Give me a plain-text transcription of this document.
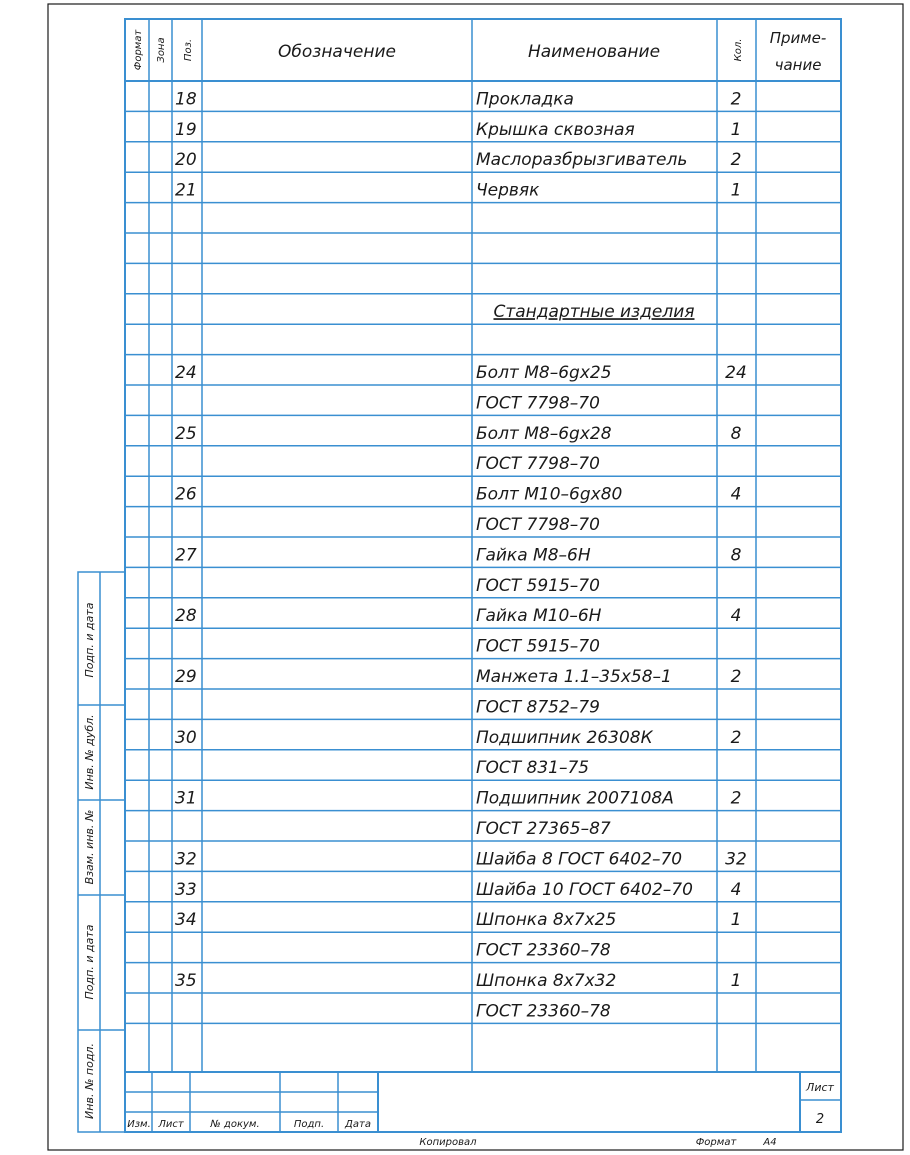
Формат Зона Поз.	Обозначение	Наименование	Кол.
Приме-
чание
18	Прокладка	2
19	Крышка сквозная	1
20	Маслоразбрызгиватель	2
21	Червяк	1
Стандартные изделия
24	Болт М8–6gх25	24
ГОСТ 7798–70
25	Болт М8–6gх28	8
ГОСТ 7798–70
26	Болт М10–6gх80	4
ГОСТ 7798–70
27	Гайка М8–6Н	8
ГОСТ 5915–70
28	Гайка М10–6Н	4
ГОСТ 5915–70
29	Манжета 1.1–35х58–1	2
ГОСТ 8752–79
30	Подшипник 26308К	2
ГОСТ 831–75
31	Подшипник 2007108А	2
ГОСТ 27365–87
32	Шайба 8 ГОСТ 6402–70	32
33	Шайба 10 ГОСТ 6402–70 4
34	Шпонка 8х7х25	1
ГОСТ 23360–78
35	Шпонка 8х7х32	1
ГОСТ 23360–78
Подп. и дата
Инв. № дубл.
Взам. инв. №
Подп. и дата
Инв. № подл.
Изм. Лист	№ докум.	Подп. Дата
Лист
2
Копировал	Формат	А4
